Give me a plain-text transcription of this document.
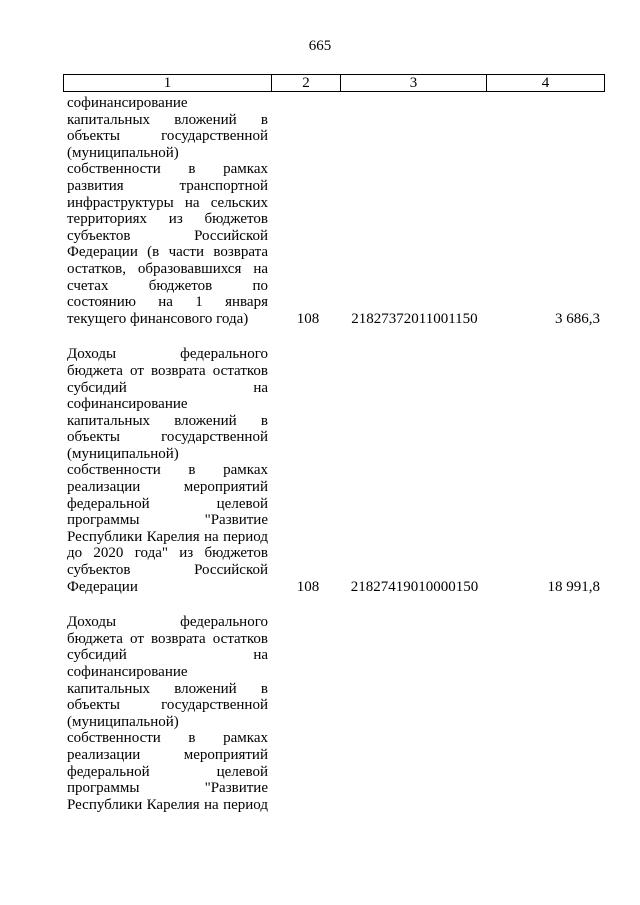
665
1	2	3	4
софинансирование
капитальных вложений в
объекты государственной
(муниципальной)
собственности в рамках
развития транспортной
инфраструктуры на сельских
территориях из бюджетов
субъектов Российской
Федерации (в части возврата
остатков, образовавшихся на
счетах бюджетов по
состоянию на 1 января
текущего финансового года)	108	21827372011001150	3 686,3
Доходы федерального
бюджета от возврата остатков
субсидий на
софинансирование
капитальных вложений в
объекты государственной
(муниципальной)
собственности в рамках
реализации мероприятий
федеральной целевой
программы "Развитие
Республики Карелия на период
до 2020 года" из бюджетов
субъектов Российской
Федерации	108	21827419010000150	18 991,8
Доходы федерального
бюджета от возврата остатков
субсидий на
софинансирование
капитальных вложений в
объекты государственной
(муниципальной)
собственности в рамках
реализации мероприятий
федеральной целевой
программы "Развитие
Республики Карелия на период
